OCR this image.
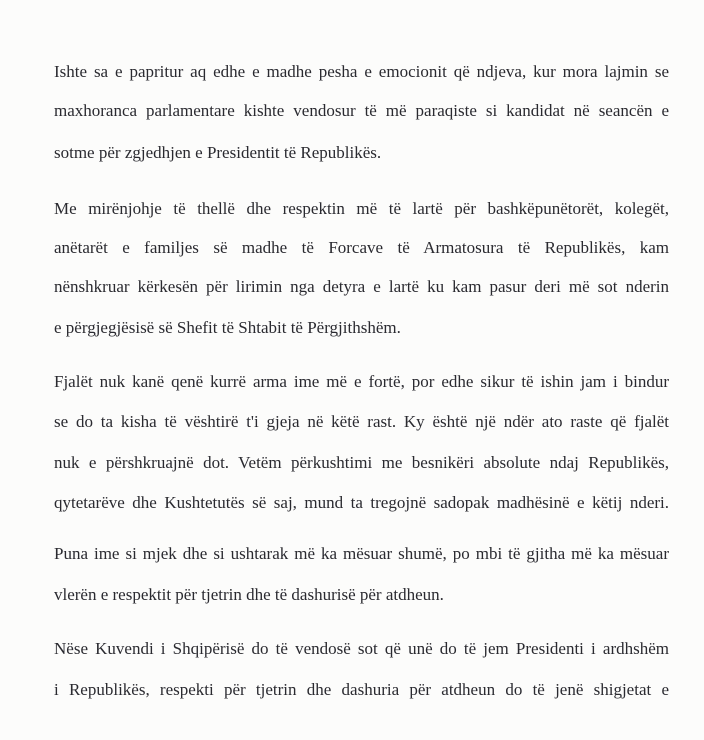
Ishte sa e papritur aq edhe e madhe pesha e emocionit që ndjeva, kur mora lajmin se
maxhoranca parlamentare kishte vendosur të më paraqiste si kandidat në seancën e
sotme për zgjedhjen e Presidentit të Republikës.
Me mirënjohje të thellë dhe respektin më të lartë për bashkëpunëtorët, kolegët,
anëtarët e familjes së madhe të Forcave të Armatosura të Republikës, kam
nënshkruar kërkesën për lirimin nga detyra e lartë ku kam pasur deri më sot nderin
e përgjegjësisë së Shefit të Shtabit të Përgjithshëm.
Fjalët nuk kanë qenë kurrë arma ime më e fortë, por edhe sikur të ishin jam i bindur
se do ta kisha të vështirë t'i gjeja në këtë rast. Ky është një ndër ato raste që fjalët
nuk e përshkruajnë dot. Vetëm përkushtimi me besnikëri absolute ndaj Republikës,
qytetarëve dhe Kushtetutës së saj, mund ta tregojnë sadopak madhësinë e këtij nderi.
Puna ime si mjek dhe si ushtarak më ka mësuar shumë, po mbi të gjitha më ka mësuar
vlerën e respektit për tjetrin dhe të dashurisë për atdheun.
Nëse Kuvendi i Shqipërisë do të vendosë sot që unë do të jem Presidenti i ardhshëm
i Republikës, respekti për tjetrin dhe dashuria për atdheun do të jenë shigjetat e
